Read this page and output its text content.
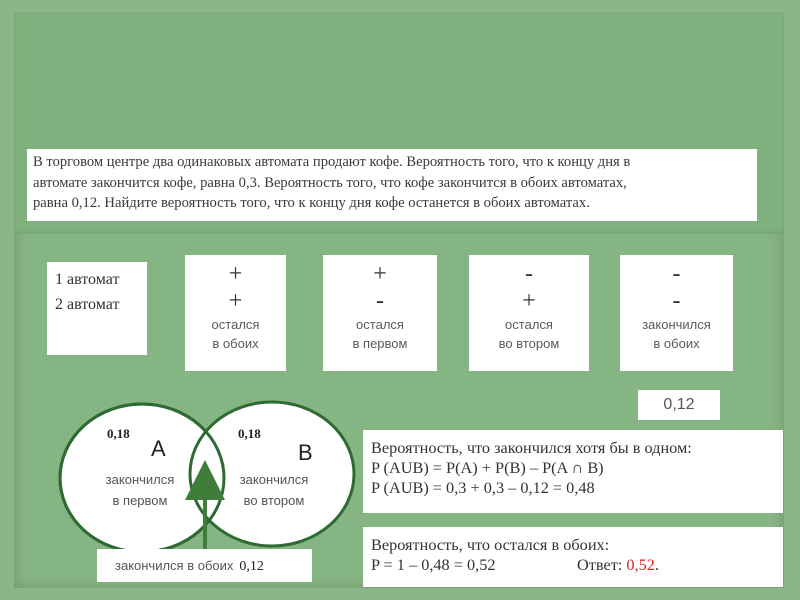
В торговом центре два одинаковых автомата продают кофе. Вероятность того, что к концу дня в
автомате закончится кофе, равна 0,3. Вероятность того, что кофе закончится в обоих автоматах,
равна 0,12. Найдите вероятность того, что к концу дня кофе останется в обоих автоматах.
1 автомат
2 автомат
+
+
остался
в обоих
+
-
остался
в первом
-
+
остался
во втором
-
-
закончился
в обоих
0,12
0,18
A
закончился
в первом
0,18
B
закончился
во втором
закончился в обоих 0,12
Вероятность, что закончился хотя бы в одном:
P (AUB) = P(A) + P(B) – P(A ∩ B)
P (AUB) = 0,3 + 0,3 – 0,12 = 0,48
Вероятность, что остался в обоих:
P = 1 – 0,48 = 0,52	Ответ: 0,52.
